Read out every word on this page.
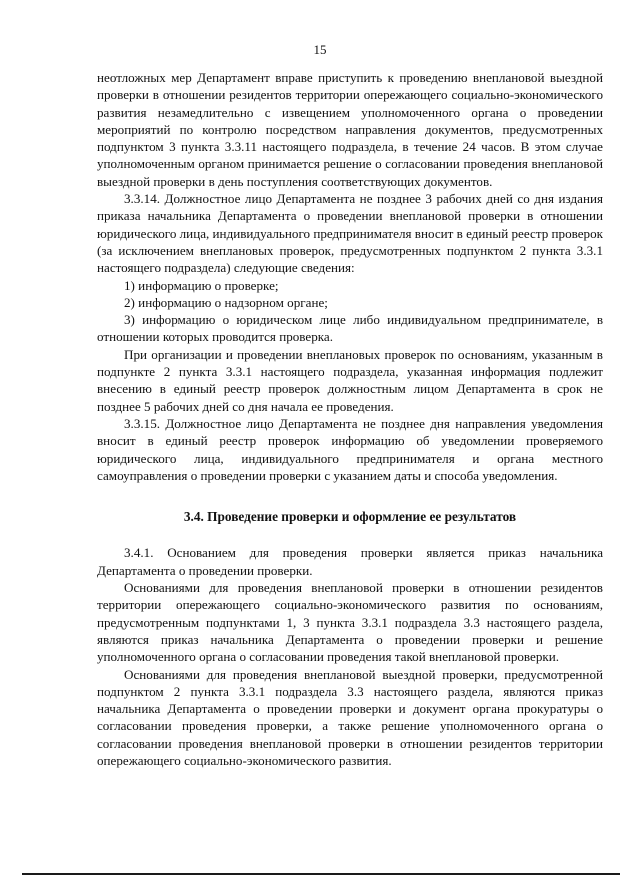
15

неотложных мер Департамент вправе приступить к проведению внеплановой выездной проверки в отношении резидентов территории опережающего социально-экономического развития незамедлительно с извещением уполномоченного органа о проведении мероприятий по контролю посредством направления документов, предусмотренных подпунктом 3 пункта 3.3.11 настоящего подраздела, в течение 24 часов. В этом случае уполномоченным органом принимается решение о согласовании проведения внеплановой выездной проверки в день поступления соответствующих документов.

3.3.14. Должностное лицо Департамента не позднее 3 рабочих дней со дня издания приказа начальника Департамента о проведении внеплановой проверки в отношении юридического лица, индивидуального предпринимателя вносит в единый реестр проверок (за исключением внеплановых проверок, предусмотренных подпунктом 2 пункта 3.3.1 настоящего подраздела) следующие сведения:

1) информацию о проверке;

2) информацию о надзорном органе;

3) информацию о юридическом лице либо индивидуальном предпринимателе, в отношении которых проводится проверка.

При организации и проведении внеплановых проверок по основаниям, указанным в подпункте 2 пункта 3.3.1 настоящего подраздела, указанная информация подлежит внесению в единый реестр проверок должностным лицом Департамента в срок не позднее 5 рабочих дней со дня начала ее проведения.

3.3.15. Должностное лицо Департамента не позднее дня направления уведомления вносит в единый реестр проверок информацию об уведомлении проверяемого юридического лица, индивидуального предпринимателя и органа местного самоуправления о проведении проверки с указанием даты и способа уведомления.

3.4. Проведение проверки и оформление ее результатов

3.4.1. Основанием для проведения проверки является приказ начальника Департамента о проведении проверки.

Основаниями для проведения внеплановой проверки в отношении резидентов территории опережающего социально-экономического развития по основаниям, предусмотренным подпунктами 1, 3 пункта 3.3.1 подраздела 3.3 настоящего раздела, являются приказ начальника Департамента о проведении проверки и решение уполномоченного органа о согласовании проведения такой внеплановой проверки.

Основаниями для проведения внеплановой выездной проверки, предусмотренной подпунктом 2 пункта 3.3.1 подраздела 3.3 настоящего раздела, являются приказ начальника Департамента о проведении проверки и документ органа прокуратуры о согласовании проведения проверки, а также решение уполномоченного органа о согласовании проведения внеплановой проверки в отношении резидентов территории опережающего социально-экономического развития.
